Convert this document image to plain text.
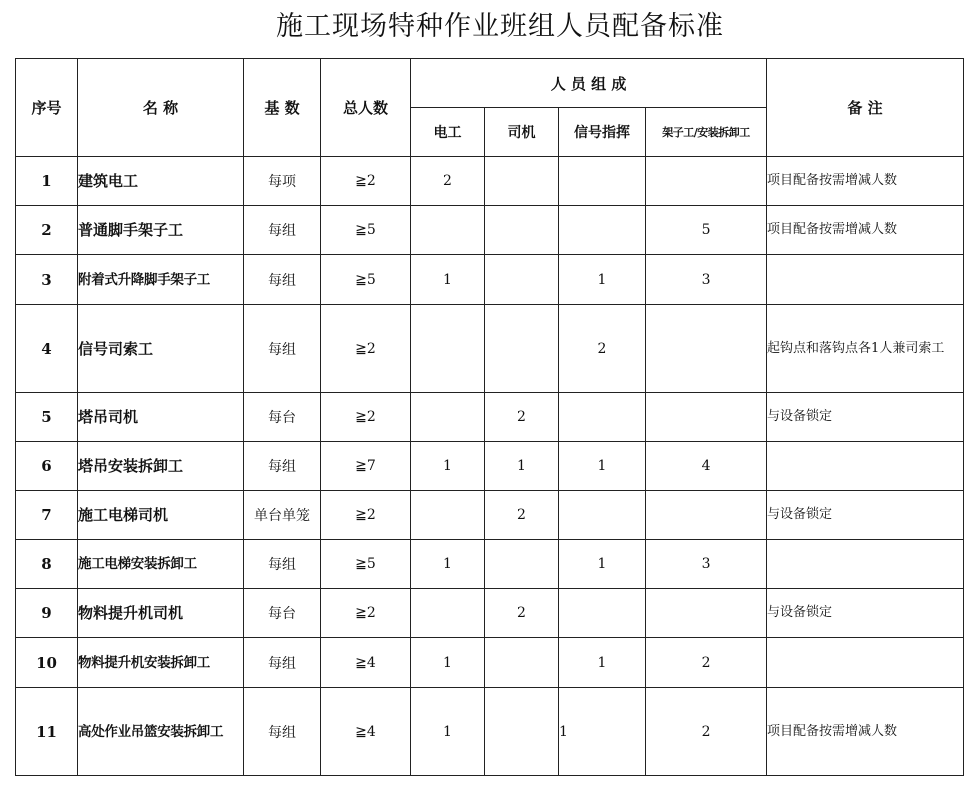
施工现场特种作业班组人员配备标准
序号	名 称	基 数	总人数	人 员 组 成				备 注
				电工	司机	信号指挥	架子工/安装拆卸工	
1	建筑电工	每项	≧2	2				项目配备按需增减人数
2	普通脚手架子工	每组	≧5				5	项目配备按需增减人数
3	附着式升降脚手架子工	每组	≧5	1		1	3	
4	信号司索工	每组	≧2			2		起钩点和落钩点各1人兼司索工
5	塔吊司机	每台	≧2		2			与设备锁定
6	塔吊安装拆卸工	每组	≧7	1	1	1	4	
7	施工电梯司机	单台单笼	≧2		2			与设备锁定
8	施工电梯安装拆卸工	每组	≧5	1		1	3	
9	物料提升机司机	每台	≧2		2			与设备锁定
10	物料提升机安装拆卸工	每组	≧4	1		1	2	
11	高处作业吊篮安装拆卸工	每组	≧4	1		1	2	项目配备按需增减人数
